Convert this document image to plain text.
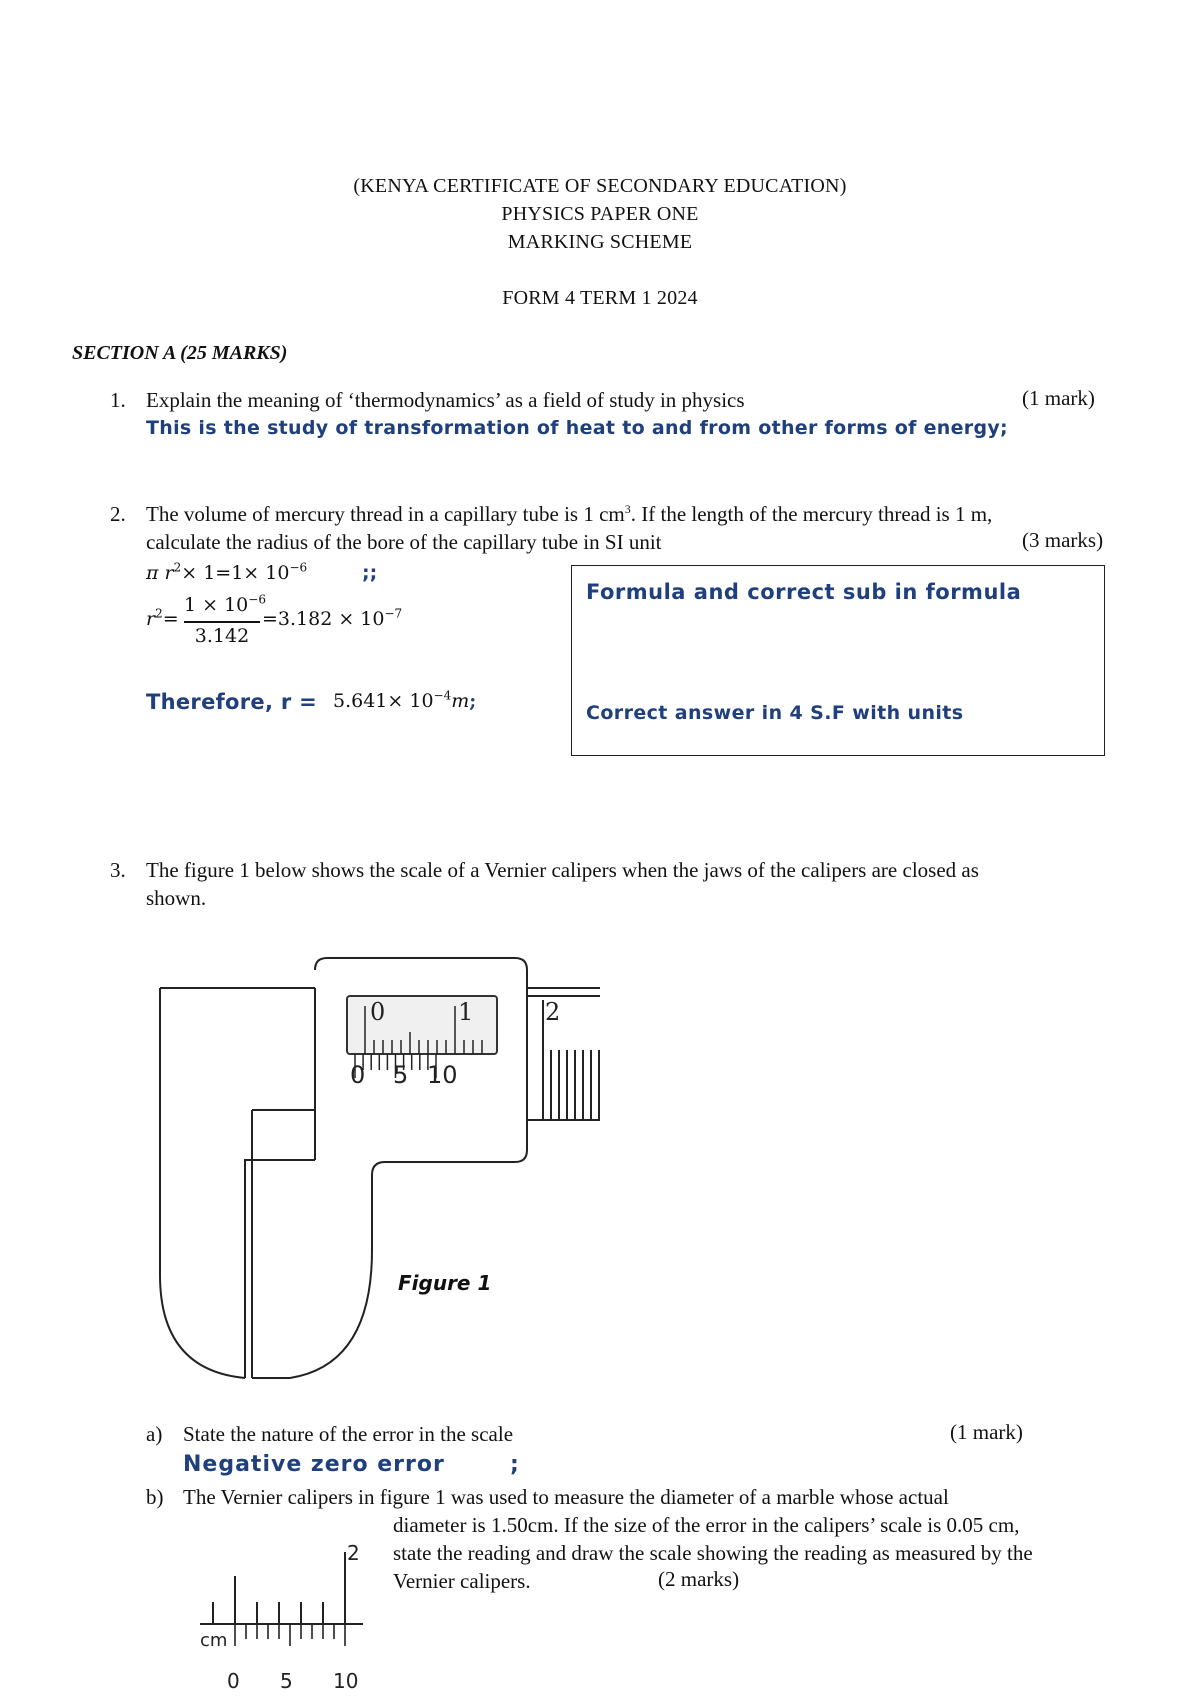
(KENYA CERTIFICATE OF SECONDARY EDUCATION)
PHYSICS PAPER ONE
MARKING SCHEME
FORM 4 TERM 1 2024
SECTION A (25 MARKS)
1. Explain the meaning of ‘thermodynamics’ as a field of study in physics	(1 mark)
This is the study of transformation of heat to and from other forms of energy;
2. The volume of mercury thread in a capillary tube is 1 $cm^3$. If the length of the mercury thread is 1 m,
calculate the radius of the bore of the capillary tube in SI unit	(3 marks)
π $r^2\times 1=1\times 10^{-6}$	;;
$r^2=$
$1 \times 10^{-6}$
3.142
$=3.182 \times 10^{-7}$
Therefore, $r = 5.641\times 10^{-4}m$;
Formula and correct sub in formula
Correct answer in 4 S.F with units
3. The figure 1 below shows the scale of a Vernier calipers when the jaws of the calipers are closed as
shown.
0	1	2
0 5 10
Figure 1
a) State the nature of the error in the scale	(1 mark)
Negative zero error	;
b) The Vernier calipers in figure 1 was used to measure the diameter of a marble whose actual
diameter is 1.50cm. If the size of the error in the calipers’ scale is 0.05 cm,
state the reading and draw the scale showing the reading as measured by the
Vernier calipers.	(2 marks)
2
cm
0 5 10
